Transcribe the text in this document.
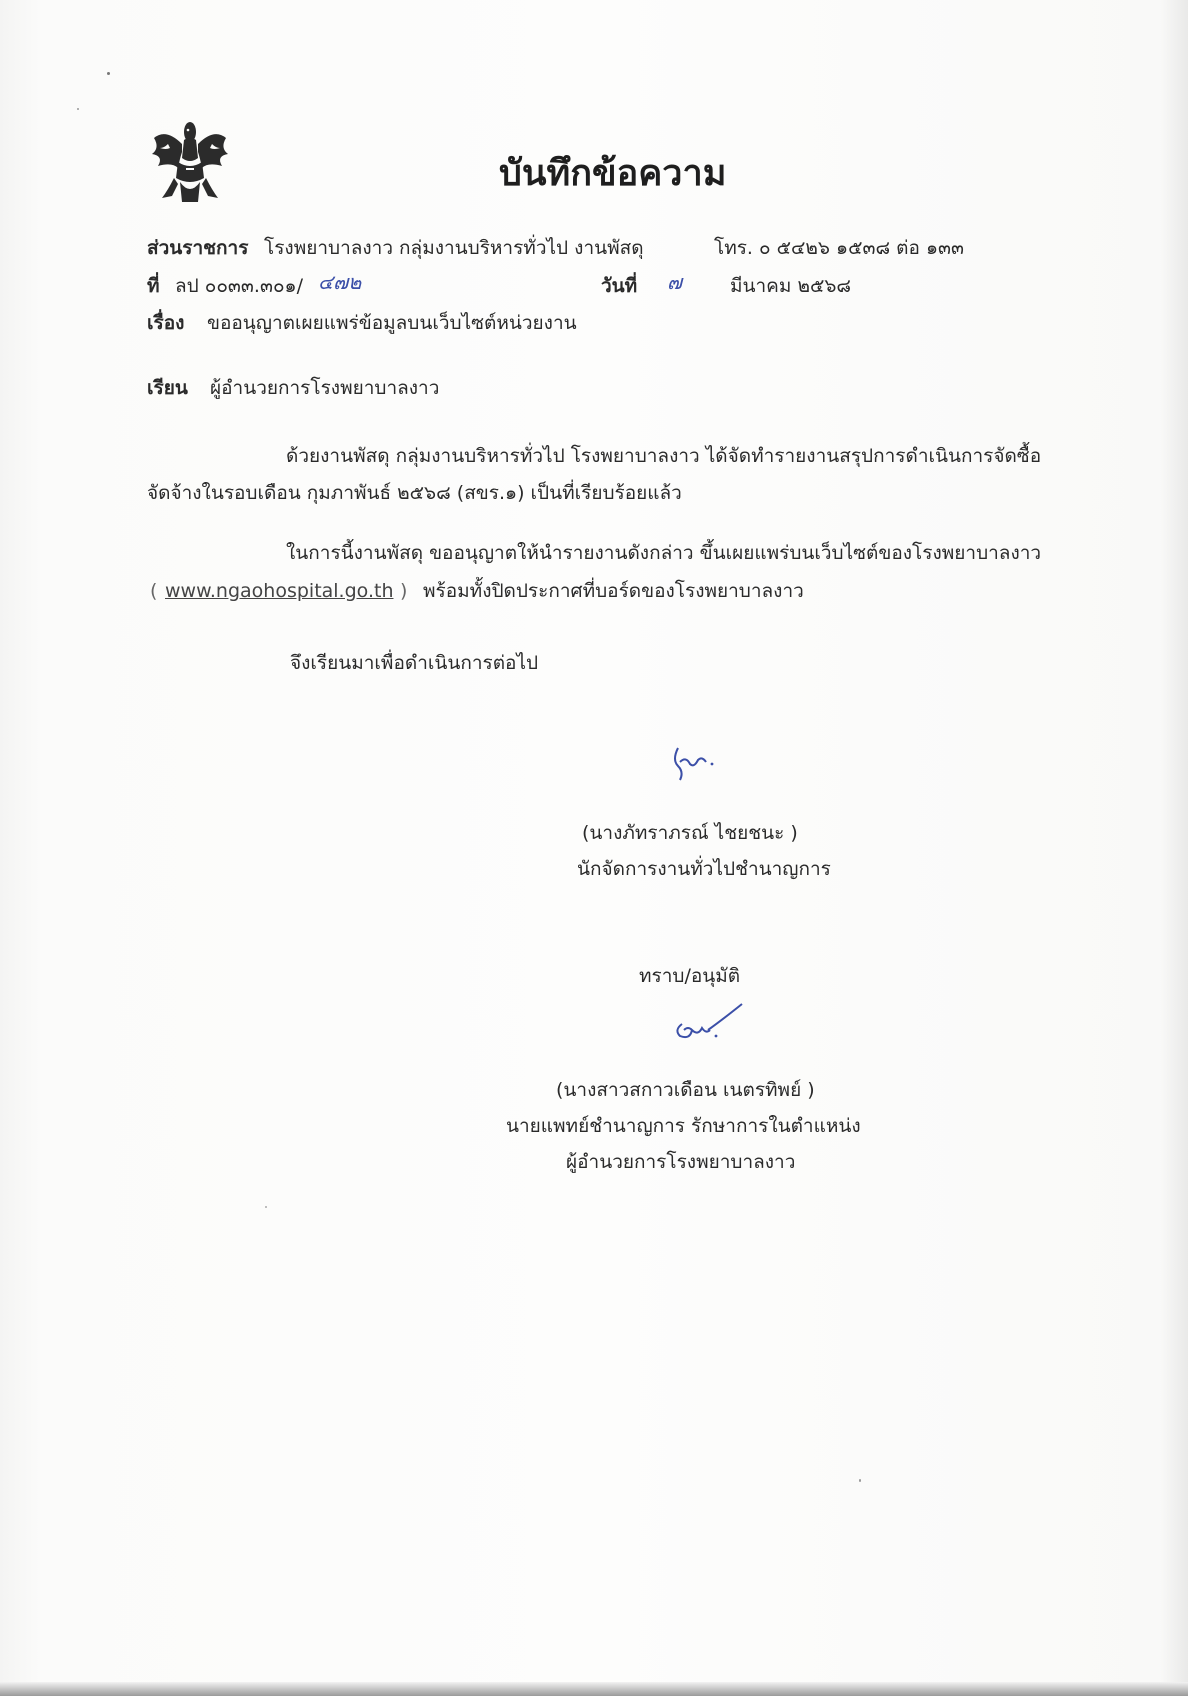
บันทึกข้อความ
ส่วนราชการ โรงพยาบาลงาว กลุ่มงานบริหารทั่วไป งานพัสดุ	โทร. ๐ ๕๔๒๖ ๑๕๓๘ ต่อ ๑๓๓
ที่ ลป ๐๐๓๓.๓๐๑/ ๔๗๒	วันที่ ๗	มีนาคม ๒๕๖๘
เรื่อง ขออนุญาตเผยแพร่ข้อมูลบนเว็บไซต์หน่วยงาน
เรียน ผู้อำนวยการโรงพยาบาลงาว
ด้วยงานพัสดุ กลุ่มงานบริหารทั่วไป โรงพยาบาลงาว ได้จัดทำรายงานสรุปการดำเนินการจัดซื้อ
จัดจ้างในรอบเดือน กุมภาพันธ์ ๒๕๖๘ (สขร.๑) เป็นที่เรียบร้อยแล้ว
ในการนี้งานพัสดุ ขออนุญาตให้นำรายงานดังกล่าว ขึ้นเผยแพร่บนเว็บไซต์ของโรงพยาบาลงาว
( www.ngaohospital.go.th ) พร้อมทั้งปิดประกาศที่บอร์ดของโรงพยาบาลงาว
จึงเรียนมาเพื่อดำเนินการต่อไป
(นางภัทราภรณ์ ไชยชนะ )
นักจัดการงานทั่วไปชำนาญการ
ทราบ/อนุมัติ
(นางสาวสกาวเดือน เนตรทิพย์ )
นายแพทย์ชำนาญการ รักษาการในตำแหน่ง
ผู้อำนวยการโรงพยาบาลงาว
